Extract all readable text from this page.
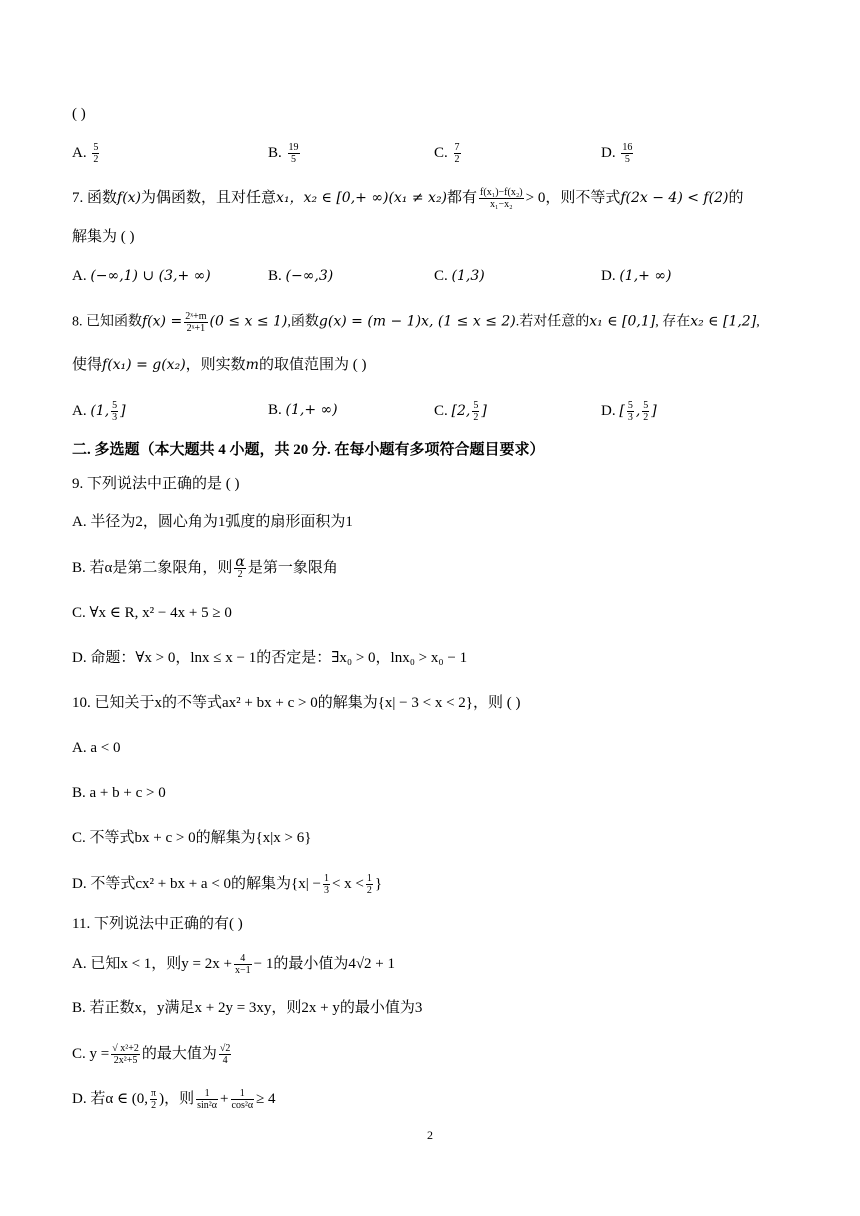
( )
A. $\frac{5}{2}$	B. $\frac{19}{5}$	C. $\frac{7}{2}$	D. $\frac{16}{5}$
7. 函数f(x)为偶函数，且对任意x₁，x₂ ∈ [0,+ ∞)(x₁ ≠ x₂)都有 $\frac{\text{f(x₁)−f(x₂)}}{\text{x₁−x₂}} > 0$，则不等式f(2x − 4) < f(2)的
解集为 ( )
A. (−∞,1) ∪ (3,+ ∞)	B. (−∞,3)	C. (1,3)	D. (1,+ ∞)
8. 已知函数$f(x) = \frac{\text{2ˣ+m}}{\text{2ˣ+1}} (0 \le x \le 1)$,函数g(x) = (m − 1)x, (1 ≤ x ≤ 2).若对任意的x₁ ∈ [0,1], 存在x₂ ∈ [1,2],
使得f(x₁) = g(x₂)，则实数m的取值范围为 ( )
A. (1, $\frac{5}{3}$ ]	B. (1,+ ∞)	C. [2, $\frac{5}{2}$ ]	D. [ $\frac{5}{3}$ , $\frac{5}{2}$ ]
二. 多选题（本大题共 4 小题，共 20 分. 在每小题有多项符合题目要求）
9. 下列说法中正确的是 ( )
A. 半径为2，圆心角为1弧度的扇形面积为1
B. 若α是第二象限角，则 $\frac{\alpha}{2}$ 是第一象限角
C. ∀x ∈ R, x² − 4x + 5 ≥ 0
D. 命题：∀x > 0，lnx ≤ x − 1的否定是：∃x₀ > 0，lnx₀ > x₀ − 1
10. 已知关于x的不等式ax² + bx + c > 0的解集为{x| − 3 < x < 2}，则 ( )
A. a < 0
B. a + b + c > 0
C. 不等式bx + c > 0的解集为{x|x > 6}
D. 不等式cx² + bx + a < 0的解集为{$x| - \frac{1}{3} < x < \frac{1}{2}$ }
11. 下列说法中正确的有( )
A. 已知x < 1，则$y = 2x + \frac{4}{x-1} - 1$的最小值为4√2 + 1
B. 若正数x，y满足x + 2y = 3xy，则2x + y的最小值为3
C. $y = \frac{\text{√ x²+2}}{\text{2x²+5}}$ 的最大值为 $\frac{√2}{4}$
D. 若α ∈ (0, $\frac{\pi}{2}$ )，则 $\frac{1}{\text{sin²α}} + \frac{1}{\text{cos²α}} \ge 4$
2
